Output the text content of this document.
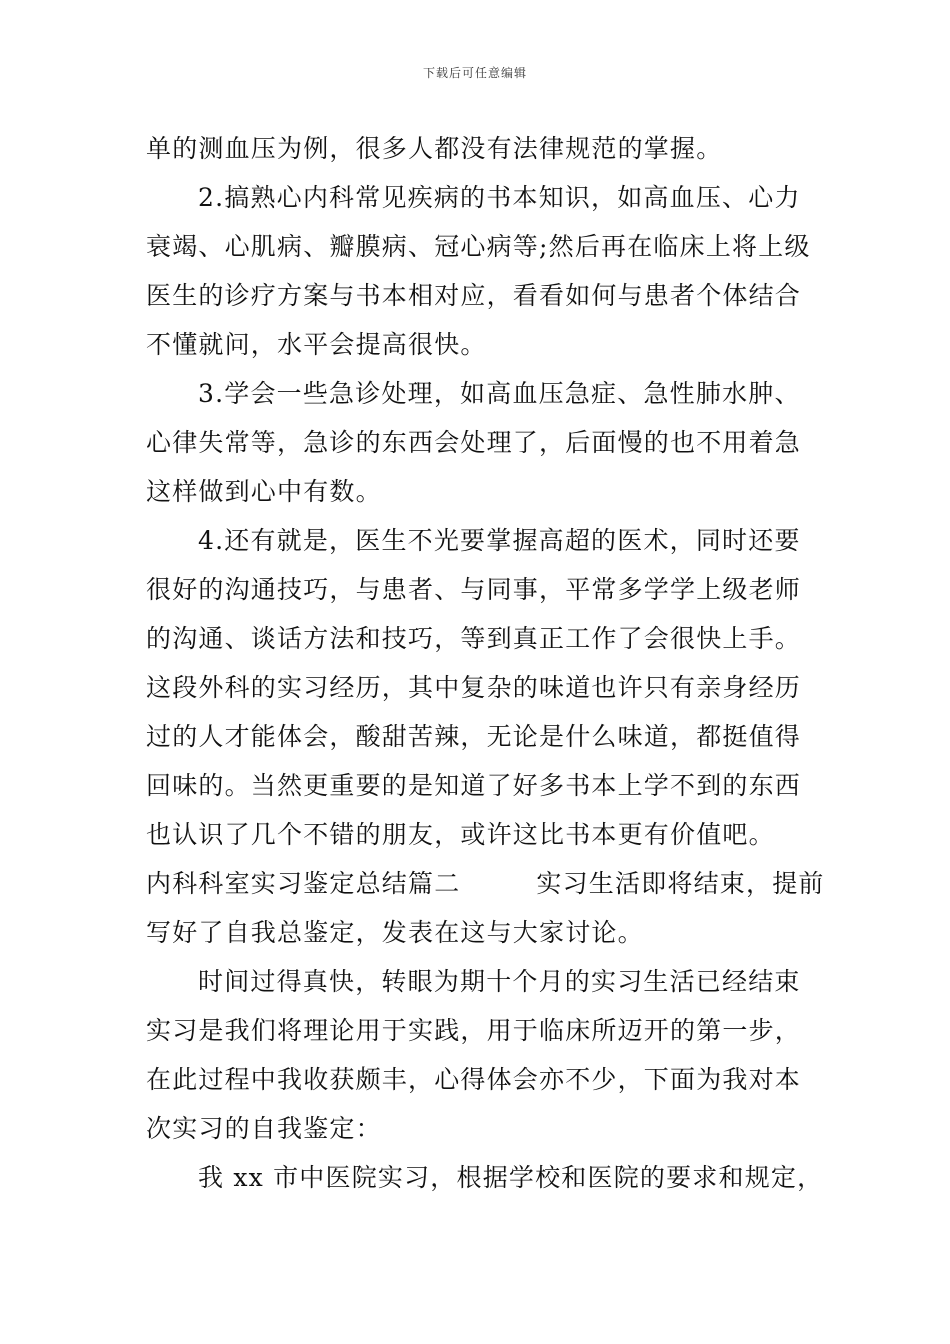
下载后可任意编辑
单的测血压为例，很多人都没有法律规范的掌握。
2.搞熟心内科常见疾病的书本知识，如高血压、心力
衰竭、心肌病、瓣膜病、冠心病等;然后再在临床上将上级
医生的诊疗方案与书本相对应，看看如何与患者个体结合
不懂就问，水平会提高很快。
3.学会一些急诊处理，如高血压急症、急性肺水肿、
心律失常等，急诊的东西会处理了，后面慢的也不用着急
这样做到心中有数。
4.还有就是，医生不光要掌握高超的医术，同时还要
很好的沟通技巧，与患者、与同事，平常多学学上级老师
的沟通、谈话方法和技巧，等到真正工作了会很快上手。
这段外科的实习经历，其中复杂的味道也许只有亲身经历
过的人才能体会，酸甜苦辣，无论是什么味道，都挺值得
回味的。当然更重要的是知道了好多书本上学不到的东西
也认识了几个不错的朋友，或许这比书本更有价值吧。
内科科室实习鉴定总结篇二	实习生活即将结束，提前
写好了自我总鉴定，发表在这与大家讨论。
时间过得真快，转眼为期十个月的实习生活已经结束
实习是我们将理论用于实践，用于临床所迈开的第一步，
在此过程中我收获颇丰，心得体会亦不少，下面为我对本
次实习的自我鉴定：
我 xx 市中医院实习，根据学校和医院的要求和规定，
